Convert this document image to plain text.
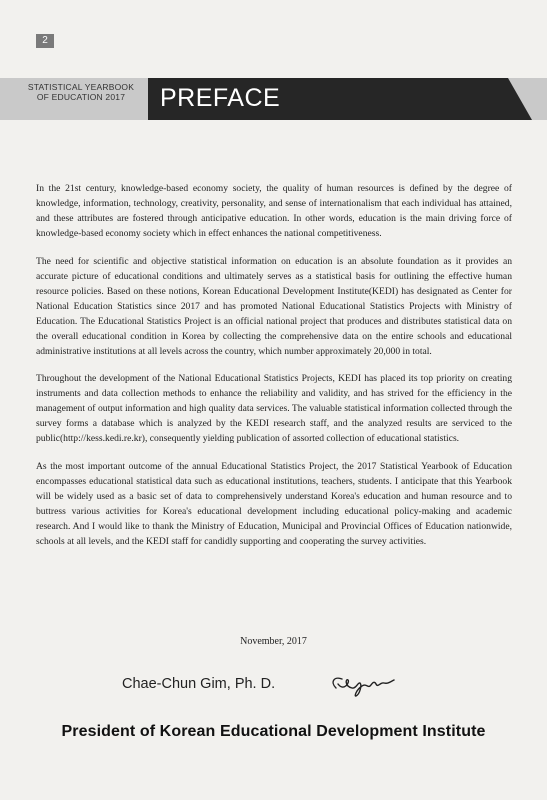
2
STATISTICAL YEARBOOK
OF EDUCATION 2017	PREFACE

In the 21st century, knowledge-based economy society, the quality of human resources is defined by the degree of knowledge, information, technology, creativity, personality, and sense of internationalism that each individual has attained, and these attributes are fostered through anticipative education. In other words, education is the main driving force of knowledge-based economy society which in effect enhances the national competitiveness.

The need for scientific and objective statistical information on education is an absolute foundation as it provides an accurate picture of educational conditions and ultimately serves as a statistical basis for outlining the effective human resource policies. Based on these notions, Korean Educational Development Institute(KEDI) has designated as Center for National Education Statistics since 2017 and has promoted National Educational Statistics Projects with Ministry of Education. The Educational Statistics Project is an official national project that produces and distributes statistical data on the overall educational condition in Korea by collecting the comprehensive data on the entire schools and educational administrative institutions at all levels across the country, which number approximately 20,000 in total.

Throughout the development of the National Educational Statistics Projects, KEDI has placed its top priority on creating instruments and data collection methods to enhance the reliability and validity, and has strived for the efficiency in the management of output information and high quality data services. The valuable statistical information collected through the survey forms a database which is analyzed by the KEDI research staff, and the analyzed results are serviced to the public(http://kess.kedi.re.kr), consequently yielding publication of assorted collection of educational statistics.

As the most important outcome of the annual Educational Statistics Project, the 2017 Statistical Yearbook of Education encompasses educational statistical data such as educational institutions, teachers, students. I anticipate that this Yearbook will be widely used as a basic set of data to comprehensively understand Korea's education and human resource and to buttress various activities for Korea's educational development including educational policy-making and academic research. And I would like to thank the Ministry of Education, Municipal and Provincial Offices of Education nationwide, schools at all levels, and the KEDI staff for candidly supporting and cooperating the survey activities.

November, 2017
Chae-Chun Gim, Ph. D.
President of Korean Educational Development Institute
